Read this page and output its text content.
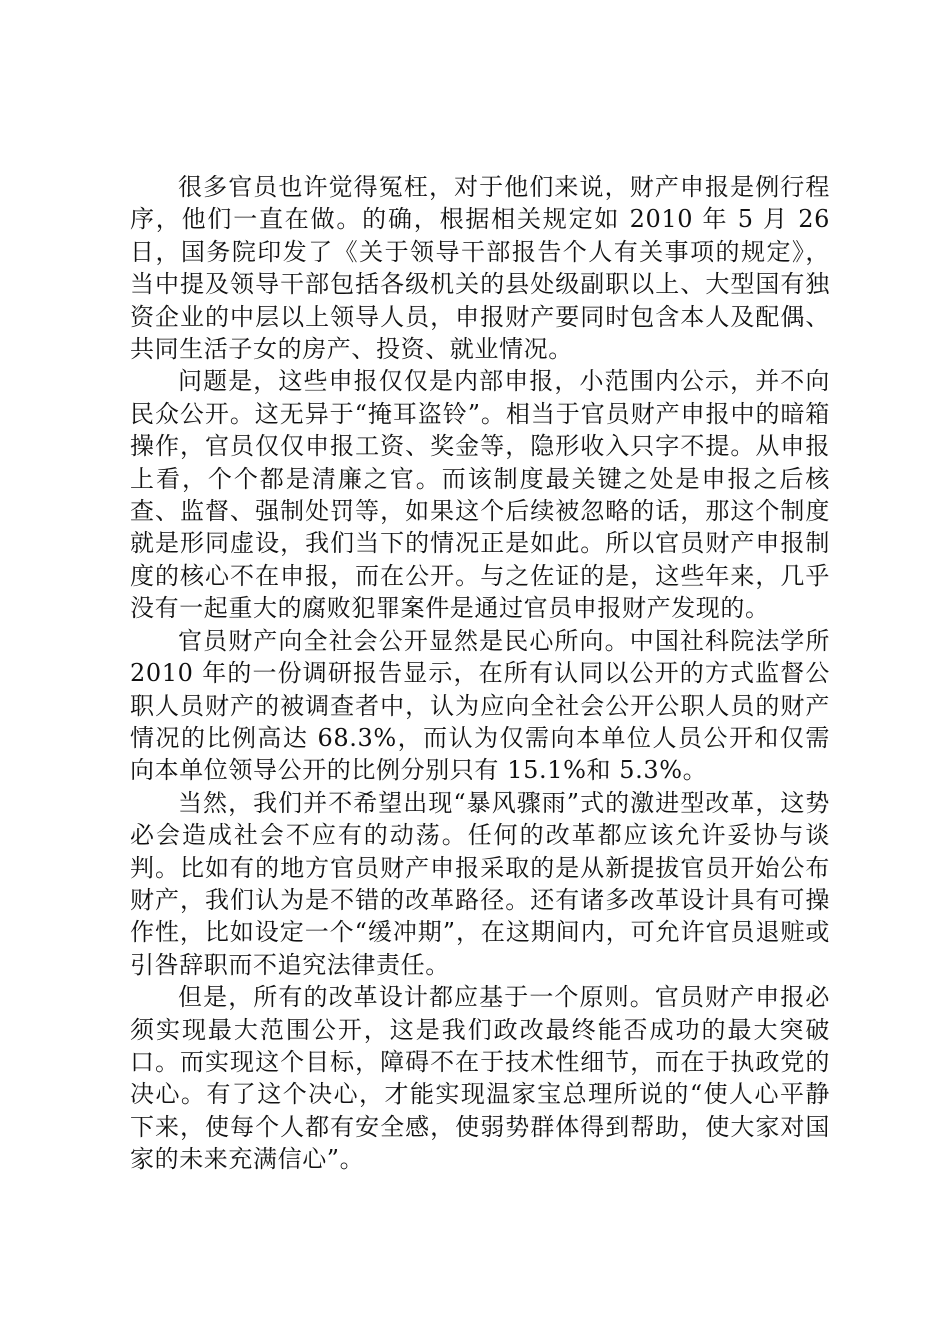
很多官员也许觉得冤枉，对于他们来说，财产申报是例行程序，他们一直在做。的确，根据相关规定如 2010 年 5 月 26 日，国务院印发了《关于领导干部报告个人有关事项的规定》，当中提及领导干部包括各级机关的县处级副职以上、大型国有独资企业的中层以上领导人员，申报财产要同时包含本人及配偶、共同生活子女的房产、投资、就业情况。

问题是，这些申报仅仅是内部申报，小范围内公示，并不向民众公开。这无异于“掩耳盗铃”。相当于官员财产申报中的暗箱操作，官员仅仅申报工资、奖金等，隐形收入只字不提。从申报上看，个个都是清廉之官。而该制度最关键之处是申报之后核查、监督、强制处罚等，如果这个后续被忽略的话，那这个制度就是形同虚设，我们当下的情况正是如此。所以官员财产申报制度的核心不在申报，而在公开。与之佐证的是，这些年来，几乎没有一起重大的腐败犯罪案件是通过官员申报财产发现的。

官员财产向全社会公开显然是民心所向。中国社科院法学所 2010 年的一份调研报告显示，在所有认同以公开的方式监督公职人员财产的被调查者中，认为应向全社会公开公职人员的财产情况的比例高达 68.3%，而认为仅需向本单位人员公开和仅需向本单位领导公开的比例分别只有 15.1%和 5.3%。

当然，我们并不希望出现“暴风骤雨”式的激进型改革，这势必会造成社会不应有的动荡。任何的改革都应该允许妥协与谈判。比如有的地方官员财产申报采取的是从新提拔官员开始公布财产，我们认为是不错的改革路径。还有诸多改革设计具有可操作性，比如设定一个“缓冲期”，在这期间内，可允许官员退赃或引咎辞职而不追究法律责任。

但是，所有的改革设计都应基于一个原则。官员财产申报必须实现最大范围公开，这是我们政改最终能否成功的最大突破口。而实现这个目标，障碍不在于技术性细节，而在于执政党的决心。有了这个决心，才能实现温家宝总理所说的“使人心平静下来，使每个人都有安全感，使弱势群体得到帮助，使大家对国家的未来充满信心”。
